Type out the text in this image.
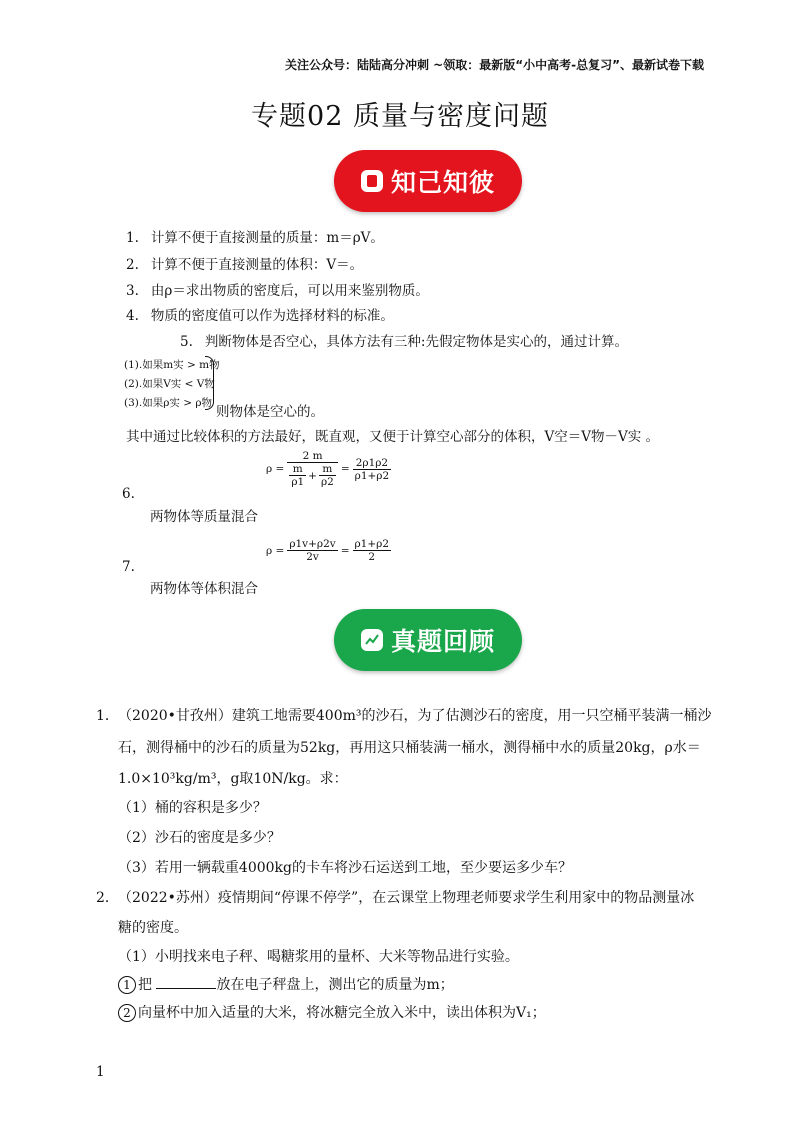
关注公众号：陆陆高分冲刺 ~领取：最新版“小中高考-总复习”、最新试卷下载
专题02 质量与密度问题
知己知彼
1. 计算不便于直接测量的质量：m＝ρV。
2. 计算不便于直接测量的体积：V＝。
3. 由ρ＝求出物质的密度后，可以用来鉴别物质。
4. 物质的密度值可以作为选择材料的标准。
5. 判断物体是否空心，具体方法有三种:先假定物体是实心的，通过计算。
(1).如果m实 > m物
(2).如果V实 < V物
(3).如果ρ实 > ρ物
则物体是空心的。
其中通过比较体积的方法最好，既直观，又便于计算空心部分的体积，V空＝V物－V实 。
$\rho = \frac{2 m}{\frac{m}{\rho 1} + \frac{m}{\rho 2}} = \frac{2\rho 1\rho 2}{\rho 1+\rho 2}$
6.
两物体等质量混合
$\rho = \frac{\rho 1v+\rho 2v}{2v} = \frac{\rho 1+\rho 2}{2}$
7.
两物体等体积混合
真题回顾
1． （2020•甘孜州）建筑工地需要400m³的沙石，为了估测沙石的密度，用一只空桶平装满一桶沙
石，测得桶中的沙石的质量为52kg，再用这只桶装满一桶水，测得桶中水的质量20kg，ρ水＝
1.0×10³kg/m³，g取10N/kg。求：
（1）桶的容积是多少？
（2）沙石的密度是多少？
（3）若用一辆载重4000kg的卡车将沙石运送到工地，至少要运多少车？
2． （2022•苏州）疫情期间“停课不停学”，在云课堂上物理老师要求学生利用家中的物品测量冰
糖的密度。
（1）小明找来电子秤、喝糖浆用的量杯、大米等物品进行实验。
1 把	放在电子秤盘上，测出它的质量为m；
2 向量杯中加入适量的大米，将冰糖完全放入米中，读出体积为V₁；
1
